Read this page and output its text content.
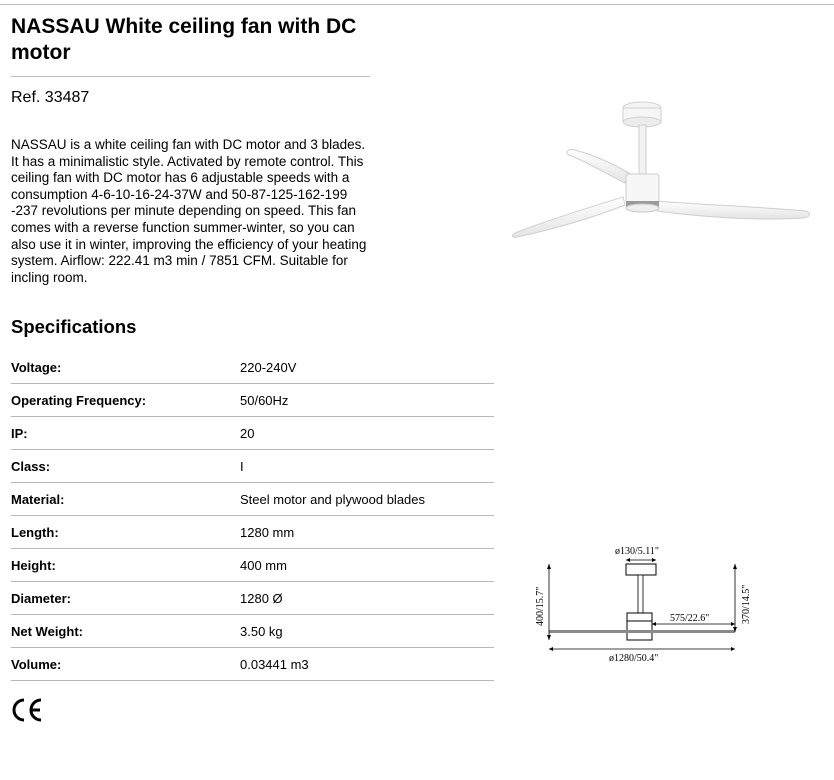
NASSAU White ceiling fan with DC motor
Ref. 33487

NASSAU is a white ceiling fan with DC motor and 3 blades. It has a minimalistic style. Activated by remote control. This ceiling fan with DC motor has 6 adjustable speeds with a consumption 4-6-10-16-24-37W and 50-87-125-162-199 -237 revolutions per minute depending on speed. This fan comes with a reverse function summer-winter, so you can also use it in winter, improving the efficiency of your heating system. Airflow: 222.41 m3 min / 7851 CFM. Suitable for incling room.

Specifications
Voltage:	220-240V
Operating Frequency:	50/60Hz
IP:	20
Class:	I
Material:	Steel motor and plywood blades
Length:	1280 mm
Height:	400 mm
Diameter:	1280 Ø
Net Weight:	3.50 kg
Volume:	0.03441 m3
ø130/5.11"
400/15.7"	370/14.5"
575/22.6"
ø1280/50.4"
